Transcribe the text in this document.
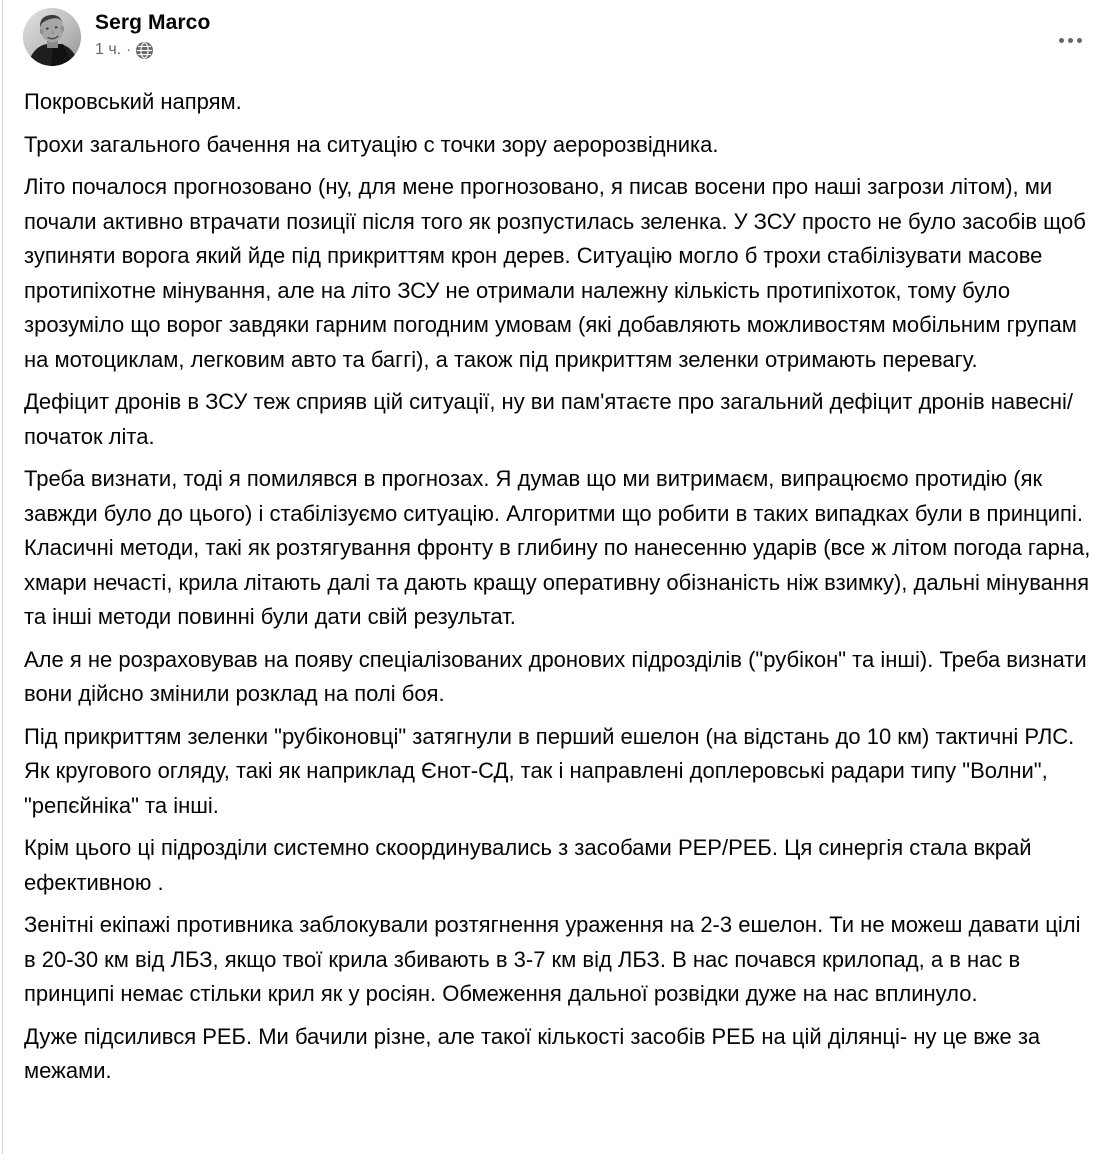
Serg Marco
1 ч. ·

Покровський напрям.

Трохи загального бачення на ситуацію с точки зору аеророзвідника.

Літо почалося прогнозовано (ну, для мене прогнозовано, я писав восени про наші загрози літом), ми почали активно втрачати позиції після того як розпустилась зеленка. У ЗСУ просто не було засобів щоб зупиняти ворога який йде під прикриттям крон дерев. Ситуацію могло б трохи стабілізувати масове протипіхотне мінування, але на літо ЗСУ не отримали належну кількість протипіхоток, тому було зрозуміло що ворог завдяки гарним погодним умовам (які добавляють можливостям мобільним групам на мотоциклам, легковим авто та баггі), а також під прикриттям зеленки отримають перевагу.

Дефіцит дронів в ЗСУ теж сприяв цій ситуації, ну ви пам'ятаєте про загальний дефіцит дронів навесні/початок літа.

Треба визнати, тоді я помилявся в прогнозах. Я думав що ми витримаєм, випрацюємо протидію (як завжди було до цього) і стабілізуємо ситуацію. Алгоритми що робити в таких випадках були в принципі. Класичні методи, такі як розтягування фронту в глибину по нанесенню ударів (все ж літом погода гарна, хмари нечасті, крила літають далі та дають кращу оперативну обізнаність ніж взимку), дальні мінування та інші методи повинні були дати свій результат.

Але я не розраховував на появу спеціалізованих дронових підрозділів ("рубікон" та інші). Треба визнати вони дійсно змінили розклад на полі боя.

Під прикриттям зеленки "рубіконовці" затягнули в перший ешелон (на відстань до 10 км) тактичні РЛС. Як кругового огляду, такі як наприклад Єнот-СД, так і направлені доплеровські радари типу "Волни", "репєйніка" та інші.

Крім цього ці підрозділи системно скоординувались з засобами РЕР/РЕБ. Ця синергія стала вкрай ефективною .

Зенітні екіпажі противника заблокували розтягнення ураження на 2-3 ешелон. Ти не можеш давати цілі в 20-30 км від ЛБЗ, якщо твої крила збивають в 3-7 км від ЛБЗ. В нас почався крилопад, а в нас в принципі немає стільки крил як у росіян. Обмеження дальної розвідки дуже на нас вплинуло.

Дуже підсилився РЕБ. Ми бачили різне, але такої кількості засобів РЕБ на цій ділянці- ну це вже за межами.
